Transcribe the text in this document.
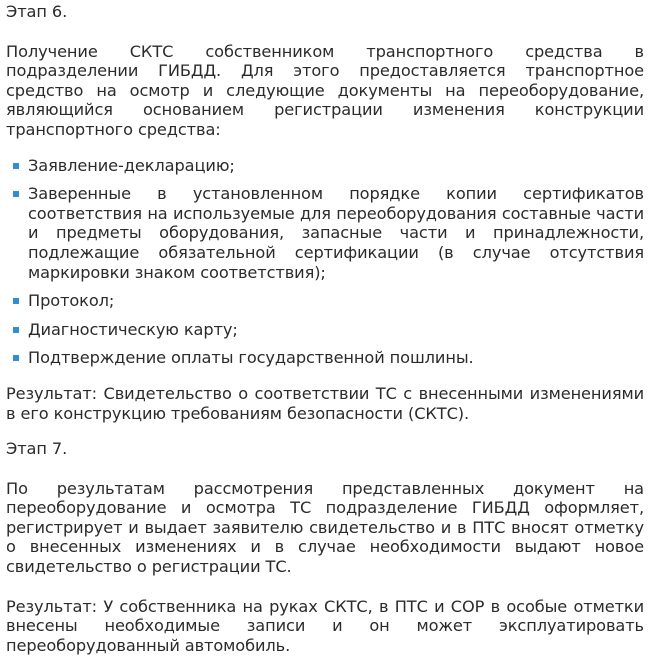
Этап 6.

Получение СКТС собственником транспортного средства в подразделении ГИБДД. Для этого предоставляется транспортное средство на осмотр и следующие документы на переоборудование, являющийся основанием регистрации изменения конструкции транспортного средства:

Заявление-декларацию;
Заверенные в установленном порядке копии сертификатов соответствия на используемые для переоборудования составные части и предметы оборудования, запасные части и принадлежности, подлежащие обязательной сертификации (в случае отсутствия маркировки знаком соответствия);
Протокол;
Диагностическую карту;
Подтверждение оплаты государственной пошлины.

Результат: Свидетельство о соответствии ТС с внесенными изменениями в его конструкцию требованиям безопасности (СКТС).

Этап 7.

По результатам рассмотрения представленных документ на переоборудование и осмотра ТС подразделение ГИБДД оформляет, регистрирует и выдает заявителю свидетельство и в ПТС вносят отметку о внесенных изменениях и в случае необходимости выдают новое свидетельство о регистрации ТС.

Результат: У собственника на руках СКТС, в ПТС и СОР в особые отметки внесены необходимые записи и он может эксплуатировать переоборудованный автомобиль.
